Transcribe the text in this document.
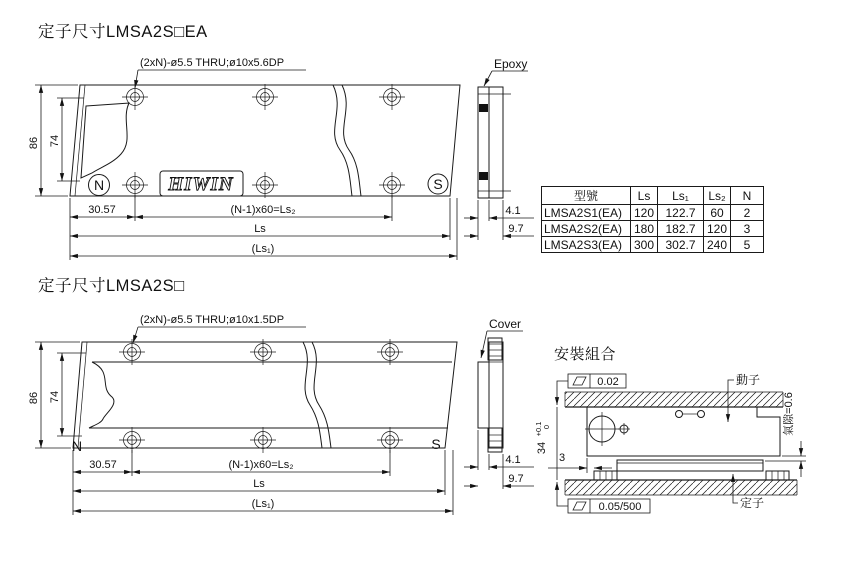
定子尺寸LMSA2S□EA
(2xN)-ø5.5 THRU;ø10x5.6DP
N	S
HIWIN
86 74
30.57	(N-1)x60=Ls₂
Ls
(Ls₁)
Epoxy
4.1
9.7
定子尺寸LMSA2S□
(2xN)-ø5.5 THRU;ø10x1.5DP
N	S
86 74
30.57	(N-1)x60=Ls₂
Ls
(Ls₁)
Cover
4.1
9.7
安裝組合
0.02	動子
定子
0.05/500
34
+0.1 0
3
氣隙=0.6
型號	Ls	Ls₁	Ls₂	N
LMSA2S1(EA)	120	122.7	60	2
LMSA2S2(EA)	180	182.7	120	3
LMSA2S3(EA)	300	302.7	240	5
